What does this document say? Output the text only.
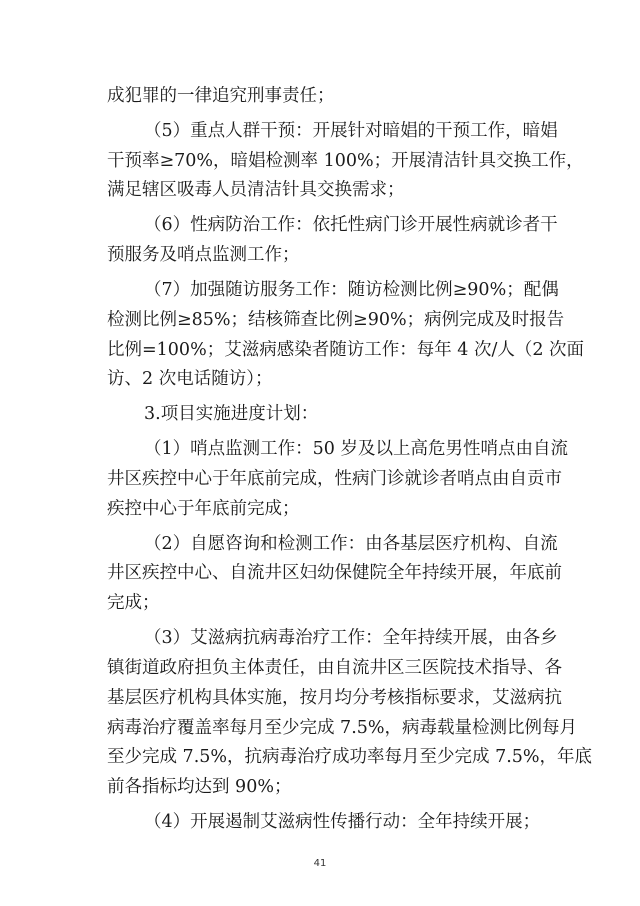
成犯罪的一律追究刑事责任；
（5）重点人群干预：开展针对暗娼的干预工作，暗娼
干预率≥70%，暗娼检测率 100%；开展清洁针具交换工作，
满足辖区吸毒人员清洁针具交换需求；
（6）性病防治工作：依托性病门诊开展性病就诊者干
预服务及哨点监测工作；
（7）加强随访服务工作：随访检测比例≥90%；配偶
检测比例≥85%；结核筛查比例≥90%；病例完成及时报告
比例=100%；艾滋病感染者随访工作：每年 4 次/人（2 次面
访、2 次电话随访）；
3.项目实施进度计划：
（1）哨点监测工作：50 岁及以上高危男性哨点由自流
井区疾控中心于年底前完成，性病门诊就诊者哨点由自贡市
疾控中心于年底前完成；
（2）自愿咨询和检测工作：由各基层医疗机构、自流
井区疾控中心、自流井区妇幼保健院全年持续开展，年底前
完成；
（3）艾滋病抗病毒治疗工作：全年持续开展，由各乡
镇街道政府担负主体责任，由自流井区三医院技术指导、各
基层医疗机构具体实施，按月均分考核指标要求，艾滋病抗
病毒治疗覆盖率每月至少完成 7.5%，病毒载量检测比例每月
至少完成 7.5%，抗病毒治疗成功率每月至少完成 7.5%，年底
41
前各指标均达到 90%；
（4）开展遏制艾滋病性传播行动：全年持续开展；
